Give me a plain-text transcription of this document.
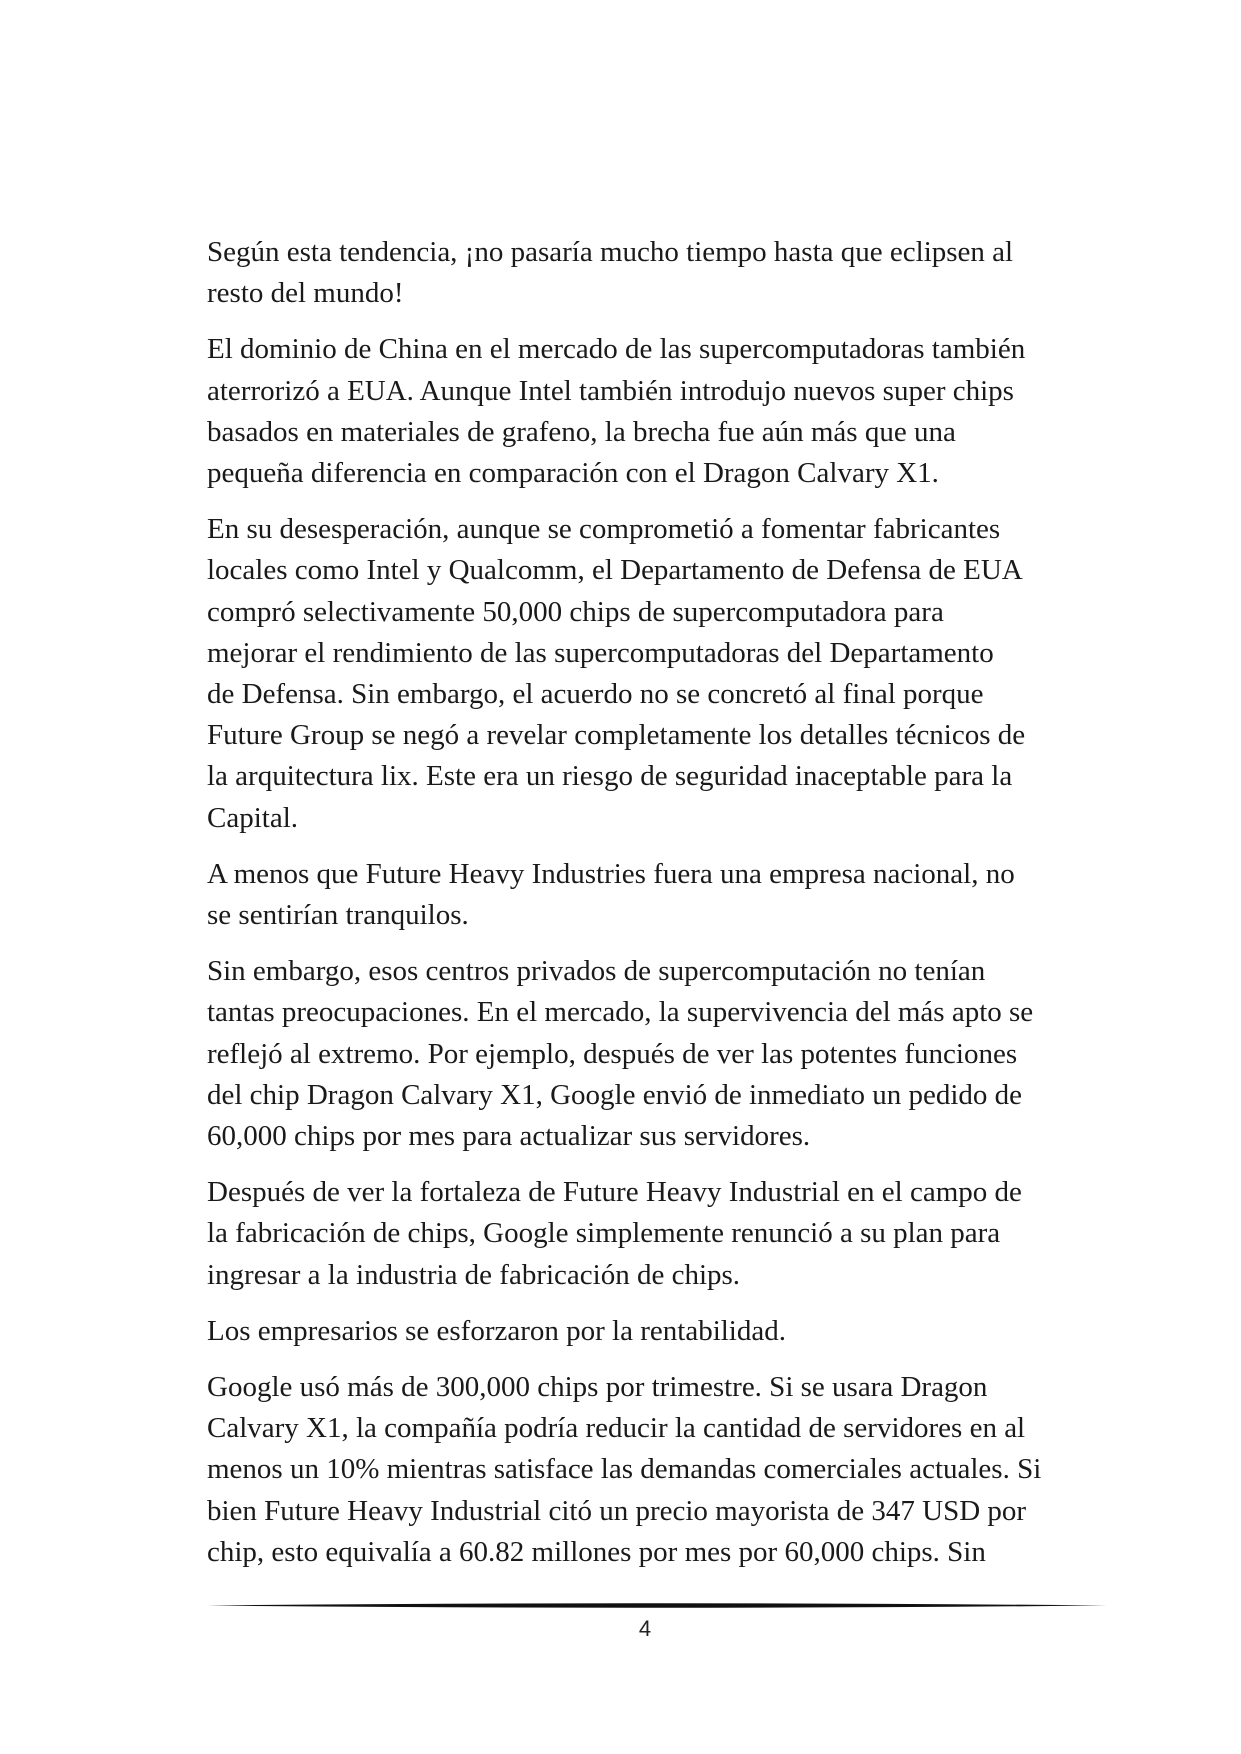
Según esta tendencia, ¡no pasaría mucho tiempo hasta que eclipsen al
resto del mundo!

El dominio de China en el mercado de las supercomputadoras también
aterrorizó a EUA. Aunque Intel también introdujo nuevos super chips
basados en materiales de grafeno, la brecha fue aún más que una
pequeña diferencia en comparación con el Dragon Calvary X1.

En su desesperación, aunque se comprometió a fomentar fabricantes
locales como Intel y Qualcomm, el Departamento de Defensa de EUA
compró selectivamente 50,000 chips de supercomputadora para
mejorar el rendimiento de las supercomputadoras del Departamento
de Defensa. Sin embargo, el acuerdo no se concretó al final porque
Future Group se negó a revelar completamente los detalles técnicos de
la arquitectura lix. Este era un riesgo de seguridad inaceptable para la
Capital.

A menos que Future Heavy Industries fuera una empresa nacional, no
se sentirían tranquilos.

Sin embargo, esos centros privados de supercomputación no tenían
tantas preocupaciones. En el mercado, la supervivencia del más apto se
reflejó al extremo. Por ejemplo, después de ver las potentes funciones
del chip Dragon Calvary X1, Google envió de inmediato un pedido de
60,000 chips por mes para actualizar sus servidores.

Después de ver la fortaleza de Future Heavy Industrial en el campo de
la fabricación de chips, Google simplemente renunció a su plan para
ingresar a la industria de fabricación de chips.

Los empresarios se esforzaron por la rentabilidad.

Google usó más de 300,000 chips por trimestre. Si se usara Dragon
Calvary X1, la compañía podría reducir la cantidad de servidores en al
menos un 10% mientras satisface las demandas comerciales actuales. Si
bien Future Heavy Industrial citó un precio mayorista de 347 USD por
chip, esto equivalía a 60.82 millones por mes por 60,000 chips. Sin

4
